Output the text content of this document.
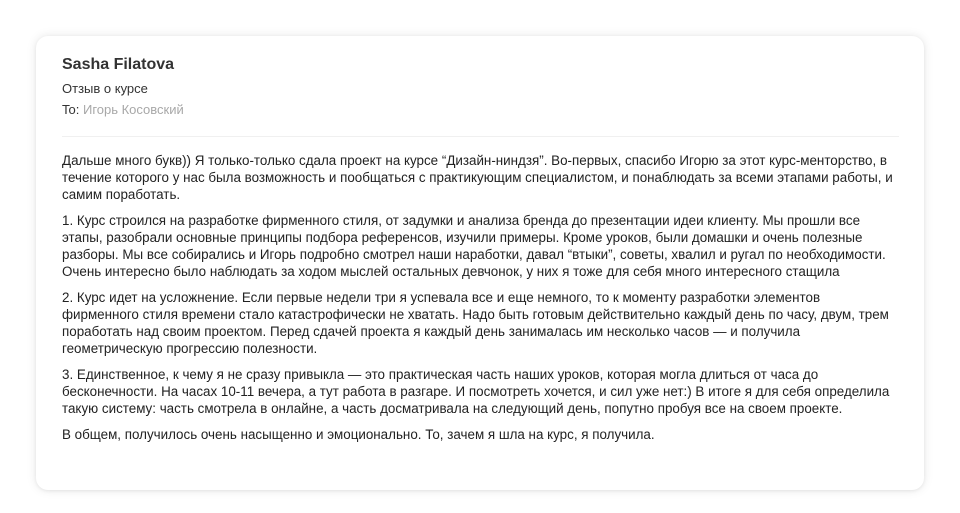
Sasha Filatova
Отзыв о курсе
To: Игорь Косовский

Дальше много букв)) Я только-только сдала проект на курсе “Дизайн-ниндзя”. Во-первых, спасибо Игорю за этот курс-менторство, в течение которого у нас была возможность и пообщаться с практикующим специалистом, и понаблюдать за всеми этапами работы, и самим поработать.

1. Курс строился на разработке фирменного стиля, от задумки и анализа бренда до презентации идеи клиенту. Мы прошли все этапы, разобрали основные принципы подбора референсов, изучили примеры. Кроме уроков, были домашки и очень полезные разборы. Мы все собирались и Игорь подробно смотрел наши наработки, давал “втыки”, советы, хвалил и ругал по необходимости. Очень интересно было наблюдать за ходом мыслей остальных девчонок, у них я тоже для себя много интересного стащила

2. Курс идет на усложнение. Если первые недели три я успевала все и еще немного, то к моменту разработки элементов фирменного стиля времени стало катастрофически не хватать. Надо быть готовым действительно каждый день по часу, двум, трем поработать над своим проектом. Перед сдачей проекта я каждый день занималась им несколько часов — и получила геометрическую прогрессию полезности.

3. Единственное, к чему я не сразу привыкла — это практическая часть наших уроков, которая могла длиться от часа до бесконечности. На часах 10-11 вечера, а тут работа в разгаре. И посмотреть хочется, и сил уже нет:) В итоге я для себя определила такую систему: часть смотрела в онлайне, а часть досматривала на следующий день, попутно пробуя все на своем проекте.

В общем, получилось очень насыщенно и эмоционально. То, зачем я шла на курс, я получила.
